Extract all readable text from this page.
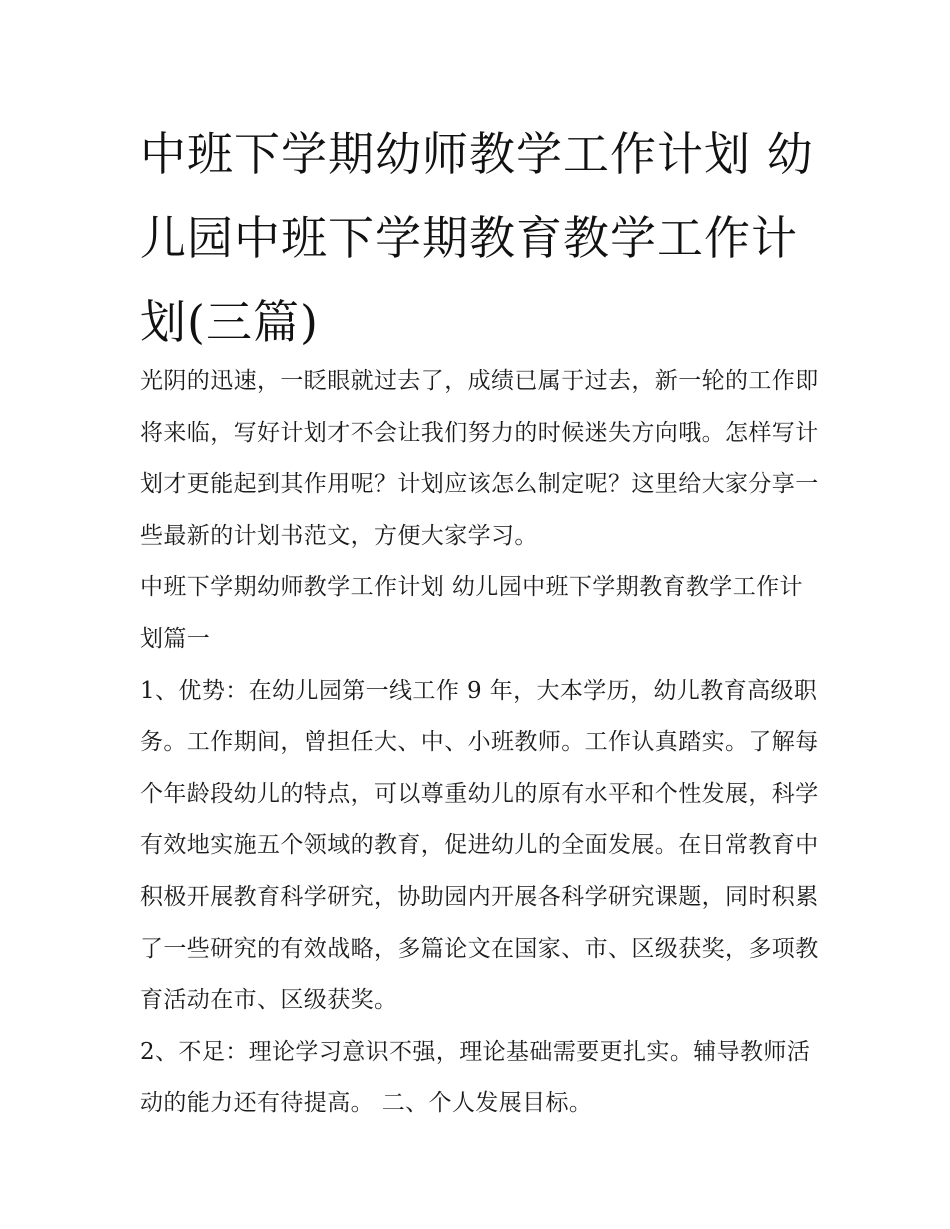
中班下学期幼师教学工作计划 幼儿园中班下学期教育教学工作计划(三篇)

光阴的迅速，一眨眼就过去了，成绩已属于过去，新一轮的工作即将来临，写好计划才不会让我们努力的时候迷失方向哦。怎样写计划才更能起到其作用呢？计划应该怎么制定呢？这里给大家分享一些最新的计划书范文，方便大家学习。

中班下学期幼师教学工作计划 幼儿园中班下学期教育教学工作计划篇一

1、优势：在幼儿园第一线工作 9 年，大本学历，幼儿教育高级职务。工作期间，曾担任大、中、小班教师。工作认真踏实。了解每个年龄段幼儿的特点，可以尊重幼儿的原有水平和个性发展，科学有效地实施五个领域的教育，促进幼儿的全面发展。在日常教育中积极开展教育科学研究，协助园内开展各科学研究课题，同时积累了一些研究的有效战略，多篇论文在国家、市、区级获奖，多项教育活动在市、区级获奖。

2、不足：理论学习意识不强，理论基础需要更扎实。辅导教师活动的能力还有待提高。 二、个人发展目标。
